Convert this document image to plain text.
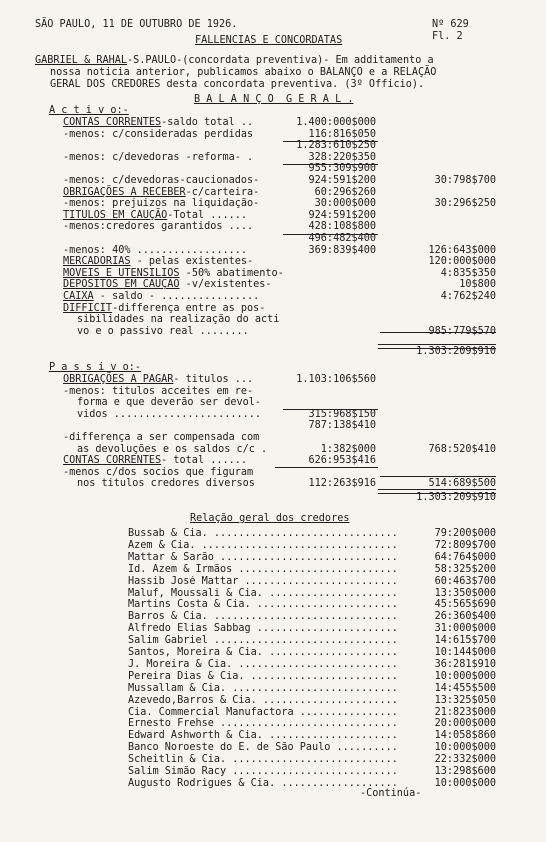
SÃO PAULO, 11 DE OUTUBRO DE 1926.	Nº 629
FALLENCIAS E CONCORDATAS	Fl. 2
GABRIEL & RAHAL-S.PAULO-(concordata preventiva)- Em additamento a
nossa noticia anterior, publicamos abaixo o BALANÇO e a RELAÇÃO
GERAL DOS CREDORES desta concordata preventiva. (3º Officio).
B A L A N Ç O  G E R A L .
A c t i v o:-
CONTAS CORRENTES-saldo total ..	1.400:000$000
-menos: c/consideradas perdidas	116:816$050
1.283:610$250
-menos: c/devedoras -reforma- .	328:220$350
955:309$900
-menos: c/devedoras-caucionados-	924:591$200	30:798$700
OBRIGAÇÕES A RECEBER-c/carteira-	60:296$260
-menos: prejuizos na liquidação-	30:000$000	30:296$250
TITULOS EM CAUÇÃO-Total ......	924:591$200
-menos:credores garantidos ....	428:108$800
496:482$400
-menos: 40% ..................	369:839$400	126:643$000
MERCADORIAS - pelas existentes-	120:000$000
MOVEIS E UTENSILIOS -50% abatimento-	4:835$350
DEPOSITOS EM CAUÇÃO -v/existentes-	10$800
CAIXA - saldo - ................	4:762$240
DIFFICIT-differença entre as pos-
sibilidades na realização do acti
vo e o passivo real ........	985:779$570
1.303:209$910
P a s s i v o:-
OBRIGAÇÕES A PAGAR- titulos ...	1.103:106$560
-menos: titulos acceites em re-
forma e que deverão ser devol-
vidos ........................	315:968$150
787:138$410
-differença a ser compensada com
as devoluções e os saldos c/c .	1:382$000	768:520$410
CONTAS CORRENTES- total ......	626:953$416
-menos c/dos socios que figuram
nos titulos credores diversos	112:263$916	514:689$500
1.303:209$910
Relação geral dos credores
Bussab & Cia. ..............................	79:200$000
Azem & Cia. ................................	72:809$700
Mattar & Sarão .............................	64:764$000
Id. Azem & Irmãos ..........................	58:325$200
Hassib José Mattar .........................	60:463$700
Maluf, Moussali & Cia. .....................	13:350$000
Martins Costa & Cia. .......................	45:565$690
Barros & Cia. ..............................	26:360$400
Alfredo Elias Sabbag .......................	31:000$000
Salim Gabriel ..............................	14:615$700
Santos, Moreira & Cia. .....................	10:144$000
J. Moreira & Cia. ..........................	36:281$910
Pereira Dias & Cia. ........................	10:000$000
Mussallam & Cia. ...........................	14:455$500
Azevedo,Barros & Cia. ......................	13:325$050
Cia. Commercial Manufactora ................	21:823$000
Ernesto Frehse .............................	20:000$000
Edward Ashworth & Cia. .....................	14:058$860
Banco Noroeste do E. de São Paulo ..........	10:000$000
Scheitlin & Cia. ...........................	22:332$000
Salim Simão Racy ...........................	13:298$600
Augusto Rodrigues & Cia. ...................	10:000$000
-Continúa-
